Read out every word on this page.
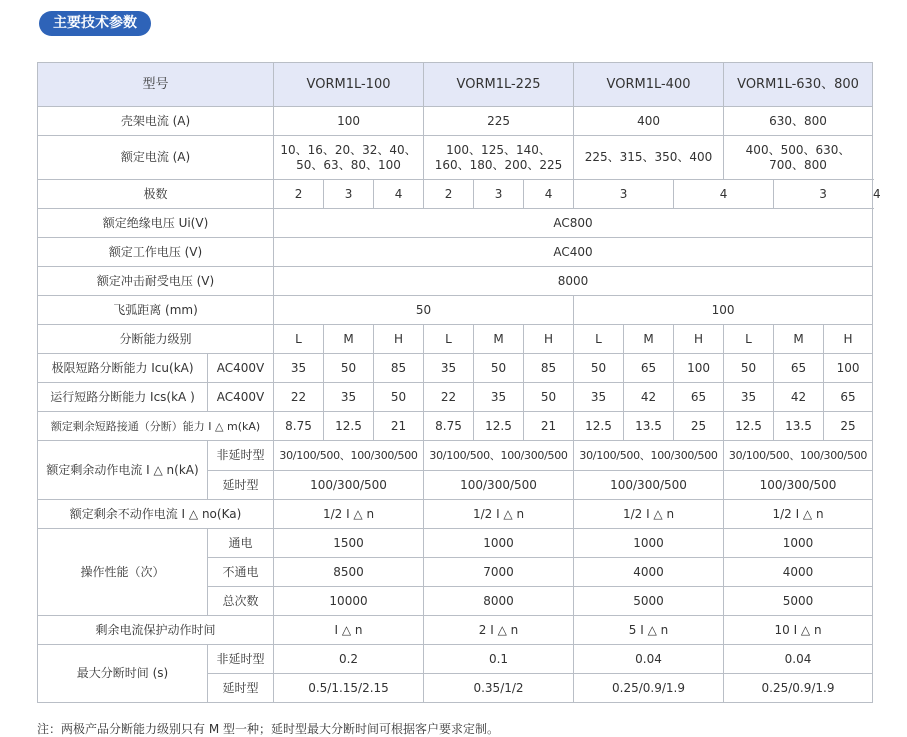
主要技术参数
型号		VORM1L-100			VORM1L-225			VORM1L-400			VORM1L-630、800			
壳架电流 (A)		100			225			400			630、800			
额定电流 (A)		10、16、20、32、40、50、63、80、100			100、125、140、160、180、200、225			225、315、350、400			400、500、630、700、800			
极数		2	3	4	2	3	4	3		4		3		4
额定绝缘电压 Ui(V)		AC800												
额定工作电压 (V)		AC400												
额定冲击耐受电压 (V)		8000												
飞弧距离 (mm)		50						100						
分断能力级别		L	M	H	L	M	H	L	M	H	L	M	H	
极限短路分断能力 Icu(kA)	AC400V	35	50	85	35	50	85	50	65	100	50	65	100	
运行短路分断能力 Ics(kA )	AC400V	22	35	50	22	35	50	35	42	65	35	42	65	
额定剩余短路接通（分断）能力 I △ m(kA)		8.75	12.5	21	8.75	12.5	21	12.5	13.5	25	12.5	13.5	25	
额定剩余动作电流 I △ n(kA)	非延时型	30/100/500、100/300/500			30/100/500、100/300/500			30/100/500、100/300/500			30/100/500、100/300/500			
	延时型	100/300/500			100/300/500			100/300/500			100/300/500			
额定剩余不动作电流 I △ no(Ka)		1/2 I △ n			1/2 I △ n			1/2 I △ n			1/2 I △ n			
操作性能（次）	通电	1500			1000			1000			1000			
	不通电	8500			7000			4000			4000			
	总次数	10000			8000			5000			5000			
剩余电流保护动作时间		I △ n			2 I △ n			5 I △ n			10 I △ n			
最大分断时间 (s)	非延时型	0.2			0.1			0.04			0.04			
	延时型	0.5/1.15/2.15			0.35/1/2			0.25/0.9/1.9			0.25/0.9/1.9			
注：两极产品分断能力级别只有 M 型一种；延时型最大分断时间可根据客户要求定制。
